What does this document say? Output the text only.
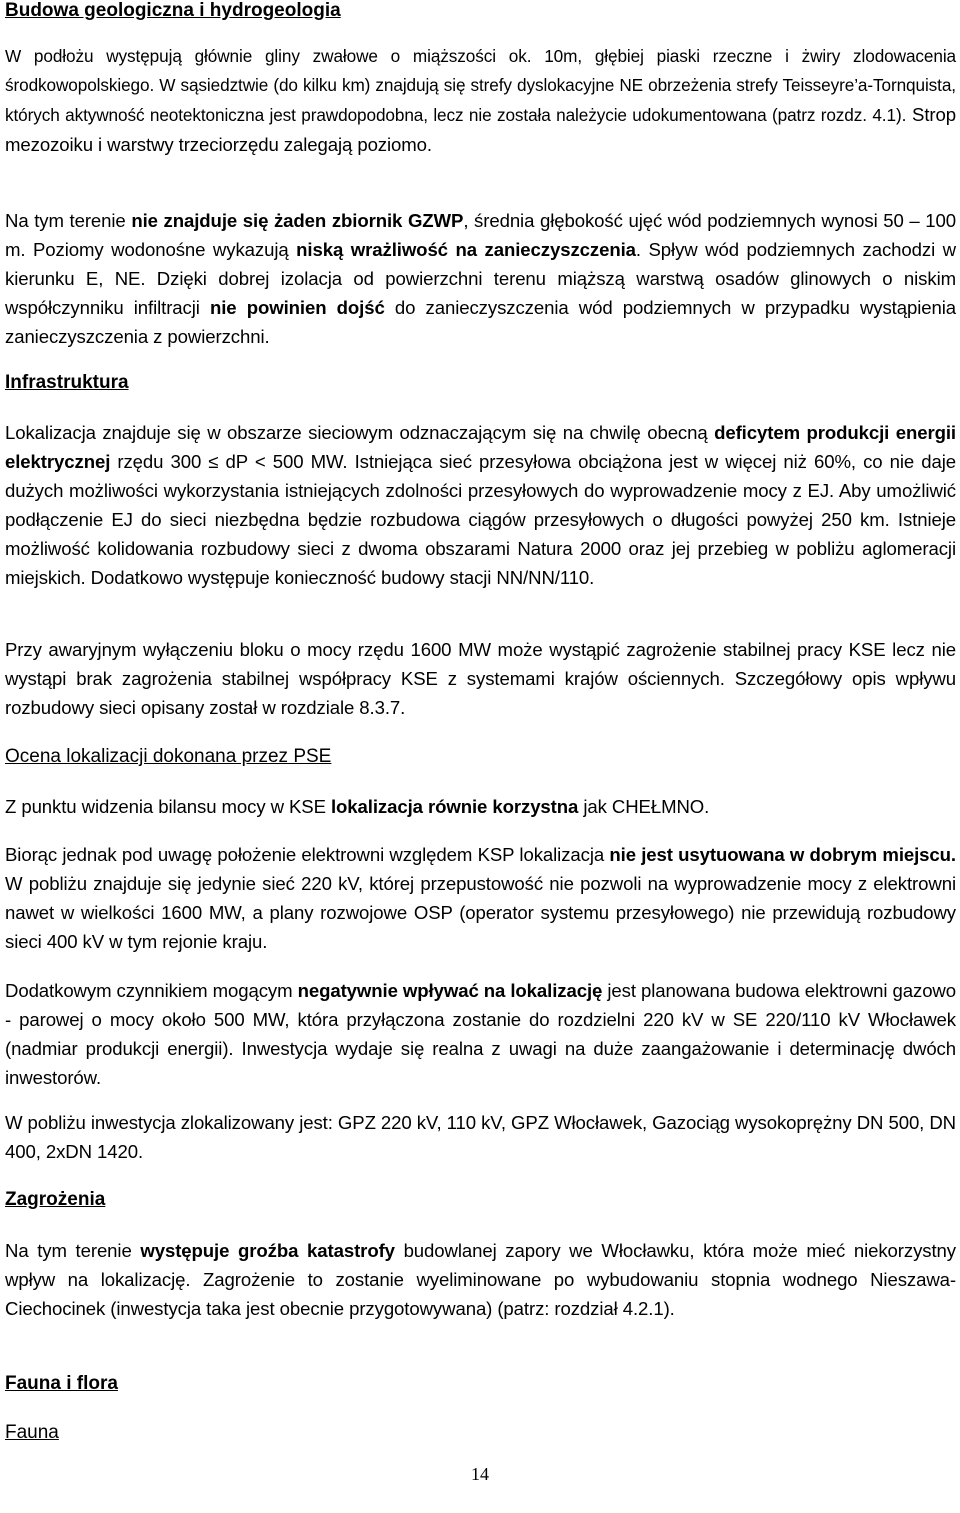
Budowa geologiczna i hydrogeologia

W podłożu występują głównie gliny zwałowe o miąższości ok. 10m, głębiej piaski rzeczne i żwiry zlodowacenia środkowopolskiego. W sąsiedztwie (do kilku km) znajdują się strefy dyslokacyjne NE obrzeżenia strefy Teisseyre’a-Tornquista, których aktywność neotektoniczna jest prawdopodobna, lecz nie została należycie udokumentowana (patrz rozdz. 4.1). Strop mezozoiku i warstwy trzeciorzędu zalegają poziomo.

Na tym terenie nie znajduje się żaden zbiornik GZWP, średnia głębokość ujęć wód podziemnych wynosi 50 – 100 m. Poziomy wodonośne wykazują niską wrażliwość na zanieczyszczenia. Spływ wód podziemnych zachodzi w kierunku E, NE. Dzięki dobrej izolacja od powierzchni terenu miąższą warstwą osadów glinowych o niskim współczynniku infiltracji nie powinien dojść do zanieczyszczenia wód podziemnych w przypadku wystąpienia zanieczyszczenia z powierzchni.

Infrastruktura

Lokalizacja znajduje się w obszarze sieciowym odznaczającym się na chwilę obecną deficytem produkcji energii elektrycznej rzędu 300 ≤ dP < 500 MW. Istniejąca sieć przesyłowa obciążona jest w więcej niż 60%, co nie daje dużych możliwości wykorzystania istniejących zdolności przesyłowych do wyprowadzenie mocy z EJ. Aby umożliwić podłączenie EJ do sieci niezbędna będzie rozbudowa ciągów przesyłowych o długości powyżej 250 km. Istnieje możliwość kolidowania rozbudowy sieci z dwoma obszarami Natura 2000 oraz jej przebieg w pobliżu aglomeracji miejskich. Dodatkowo występuje konieczność budowy stacji NN/NN/110.

Przy awaryjnym wyłączeniu bloku o mocy rzędu 1600 MW może wystąpić zagrożenie stabilnej pracy KSE lecz nie wystąpi brak zagrożenia stabilnej współpracy KSE z systemami krajów ościennych. Szczegółowy opis wpływu rozbudowy sieci opisany został w rozdziale 8.3.7.

Ocena lokalizacji dokonana przez PSE

Z punktu widzenia bilansu mocy w KSE lokalizacja równie korzystna jak CHEŁMNO.

Biorąc jednak pod uwagę położenie elektrowni względem KSP lokalizacja nie jest usytuowana w dobrym miejscu. W pobliżu znajduje się jedynie sieć 220 kV, której przepustowość nie pozwoli na wyprowadzenie mocy z elektrowni nawet w wielkości 1600 MW, a plany rozwojowe OSP (operator systemu przesyłowego) nie przewidują rozbudowy sieci 400 kV w tym rejonie kraju.

Dodatkowym czynnikiem mogącym negatywnie wpływać na lokalizację jest planowana budowa elektrowni gazowo - parowej o mocy około 500 MW, która przyłączona zostanie do rozdzielni 220 kV w SE 220/110 kV Włocławek (nadmiar produkcji energii). Inwestycja wydaje się realna z uwagi na duże zaangażowanie i determinację dwóch inwestorów.

W pobliżu inwestycja zlokalizowany jest: GPZ 220 kV, 110 kV, GPZ Włocławek, Gazociąg wysokoprężny DN 500, DN 400, 2xDN 1420.

Zagrożenia

Na tym terenie występuje groźba katastrofy budowlanej zapory we Włocławku, która może mieć niekorzystny wpływ na lokalizację. Zagrożenie to zostanie wyeliminowane po wybudowaniu stopnia wodnego Nieszawa-Ciechocinek (inwestycja taka jest obecnie przygotowywana) (patrz: rozdział 4.2.1).

Fauna i flora
Fauna
14
